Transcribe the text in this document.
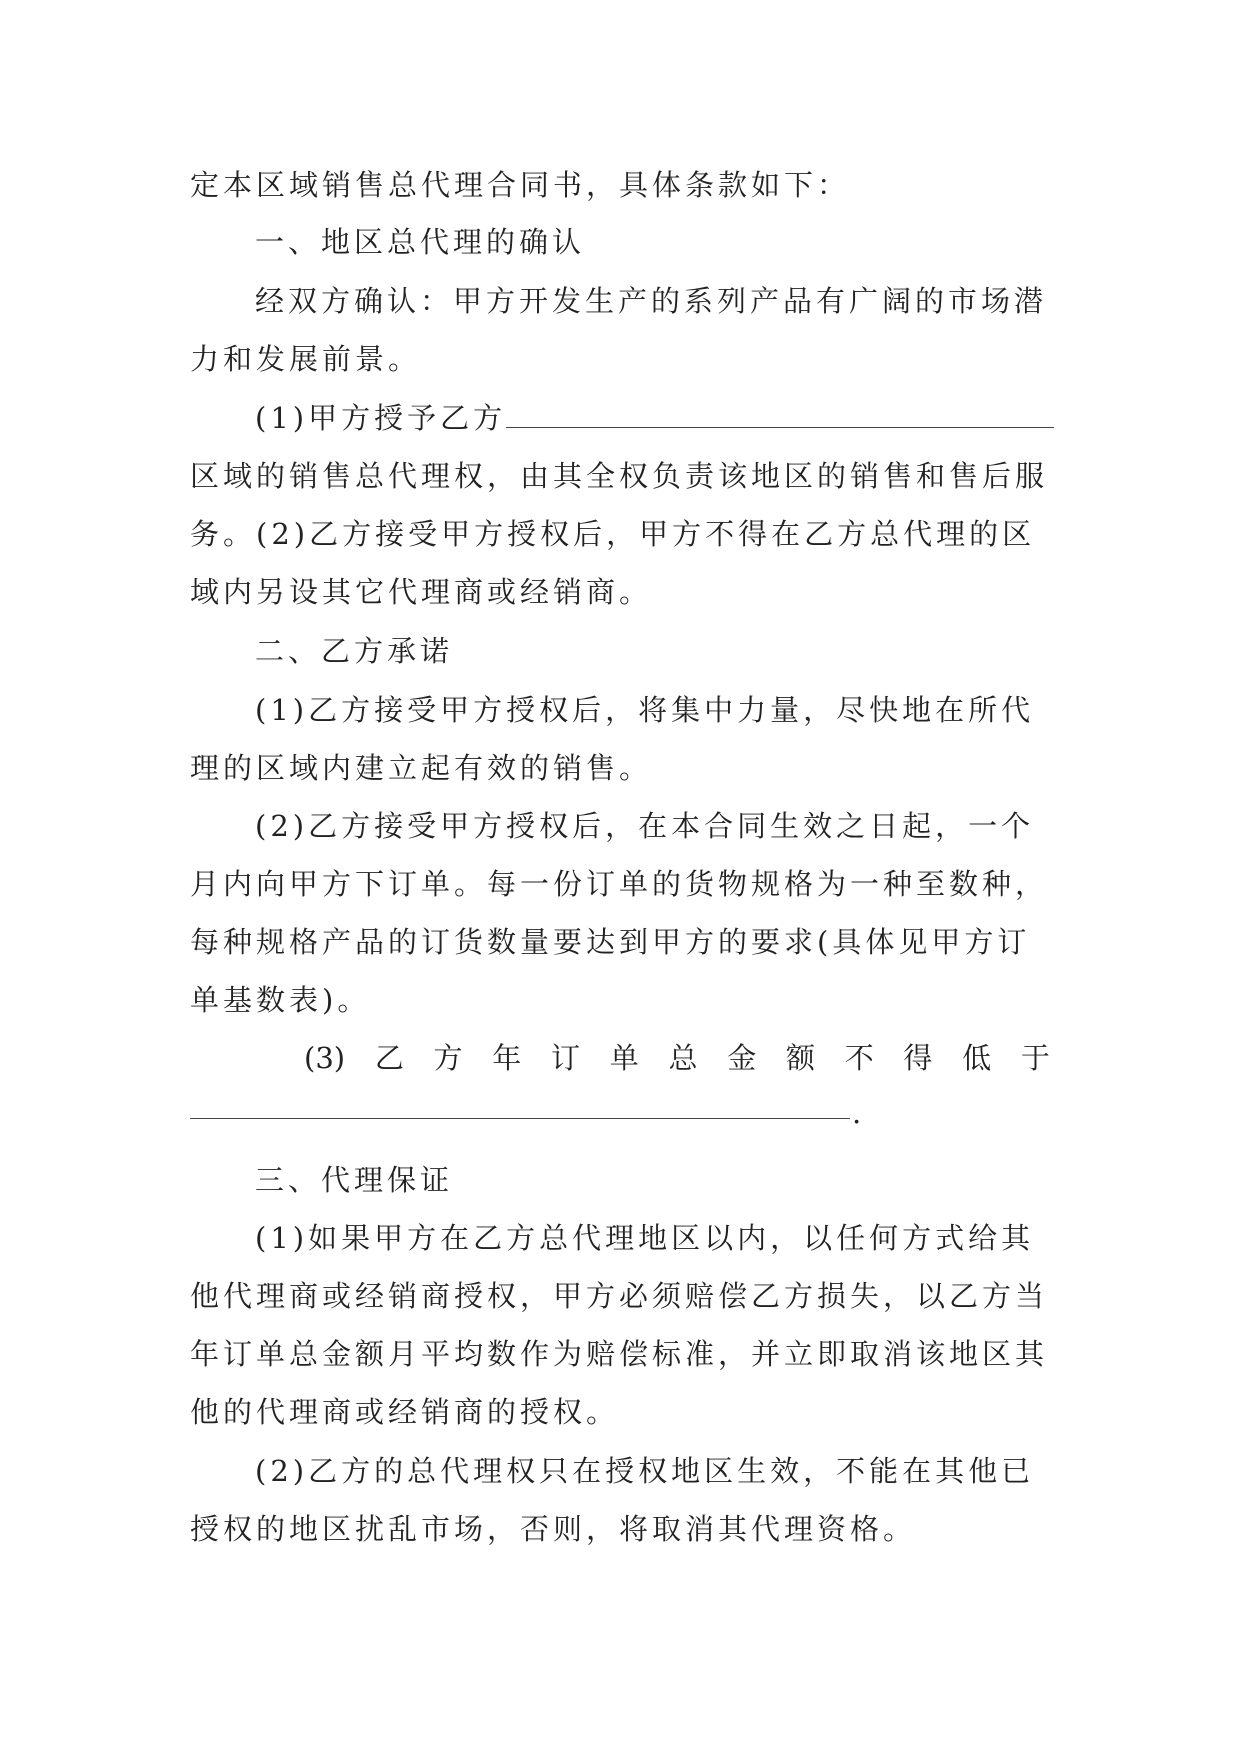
定本区域销售总代理合同书，具体条款如下：
一、地区总代理的确认
经双方确认：甲方开发生产的系列产品有广阔的市场潜
力和发展前景。
(1)甲方授予乙方
区域的销售总代理权，由其全权负责该地区的销售和售后服
务。(2)乙方接受甲方授权后，甲方不得在乙方总代理的区
域内另设其它代理商或经销商。
二、乙方承诺
(1)乙方接受甲方授权后，将集中力量，尽快地在所代
理的区域内建立起有效的销售。
(2)乙方接受甲方授权后，在本合同生效之日起，一个
月内向甲方下订单。每一份订单的货物规格为一种至数种，
每种规格产品的订货数量要达到甲方的要求(具体见甲方订
单基数表)。
(3) 乙 方 年 订 单 总 金 额 不 得 低 于
.
三、代理保证
(1)如果甲方在乙方总代理地区以内，以任何方式给其
他代理商或经销商授权，甲方必须赔偿乙方损失，以乙方当
年订单总金额月平均数作为赔偿标准，并立即取消该地区其
他的代理商或经销商的授权。
(2)乙方的总代理权只在授权地区生效，不能在其他已
授权的地区扰乱市场，否则，将取消其代理资格。
